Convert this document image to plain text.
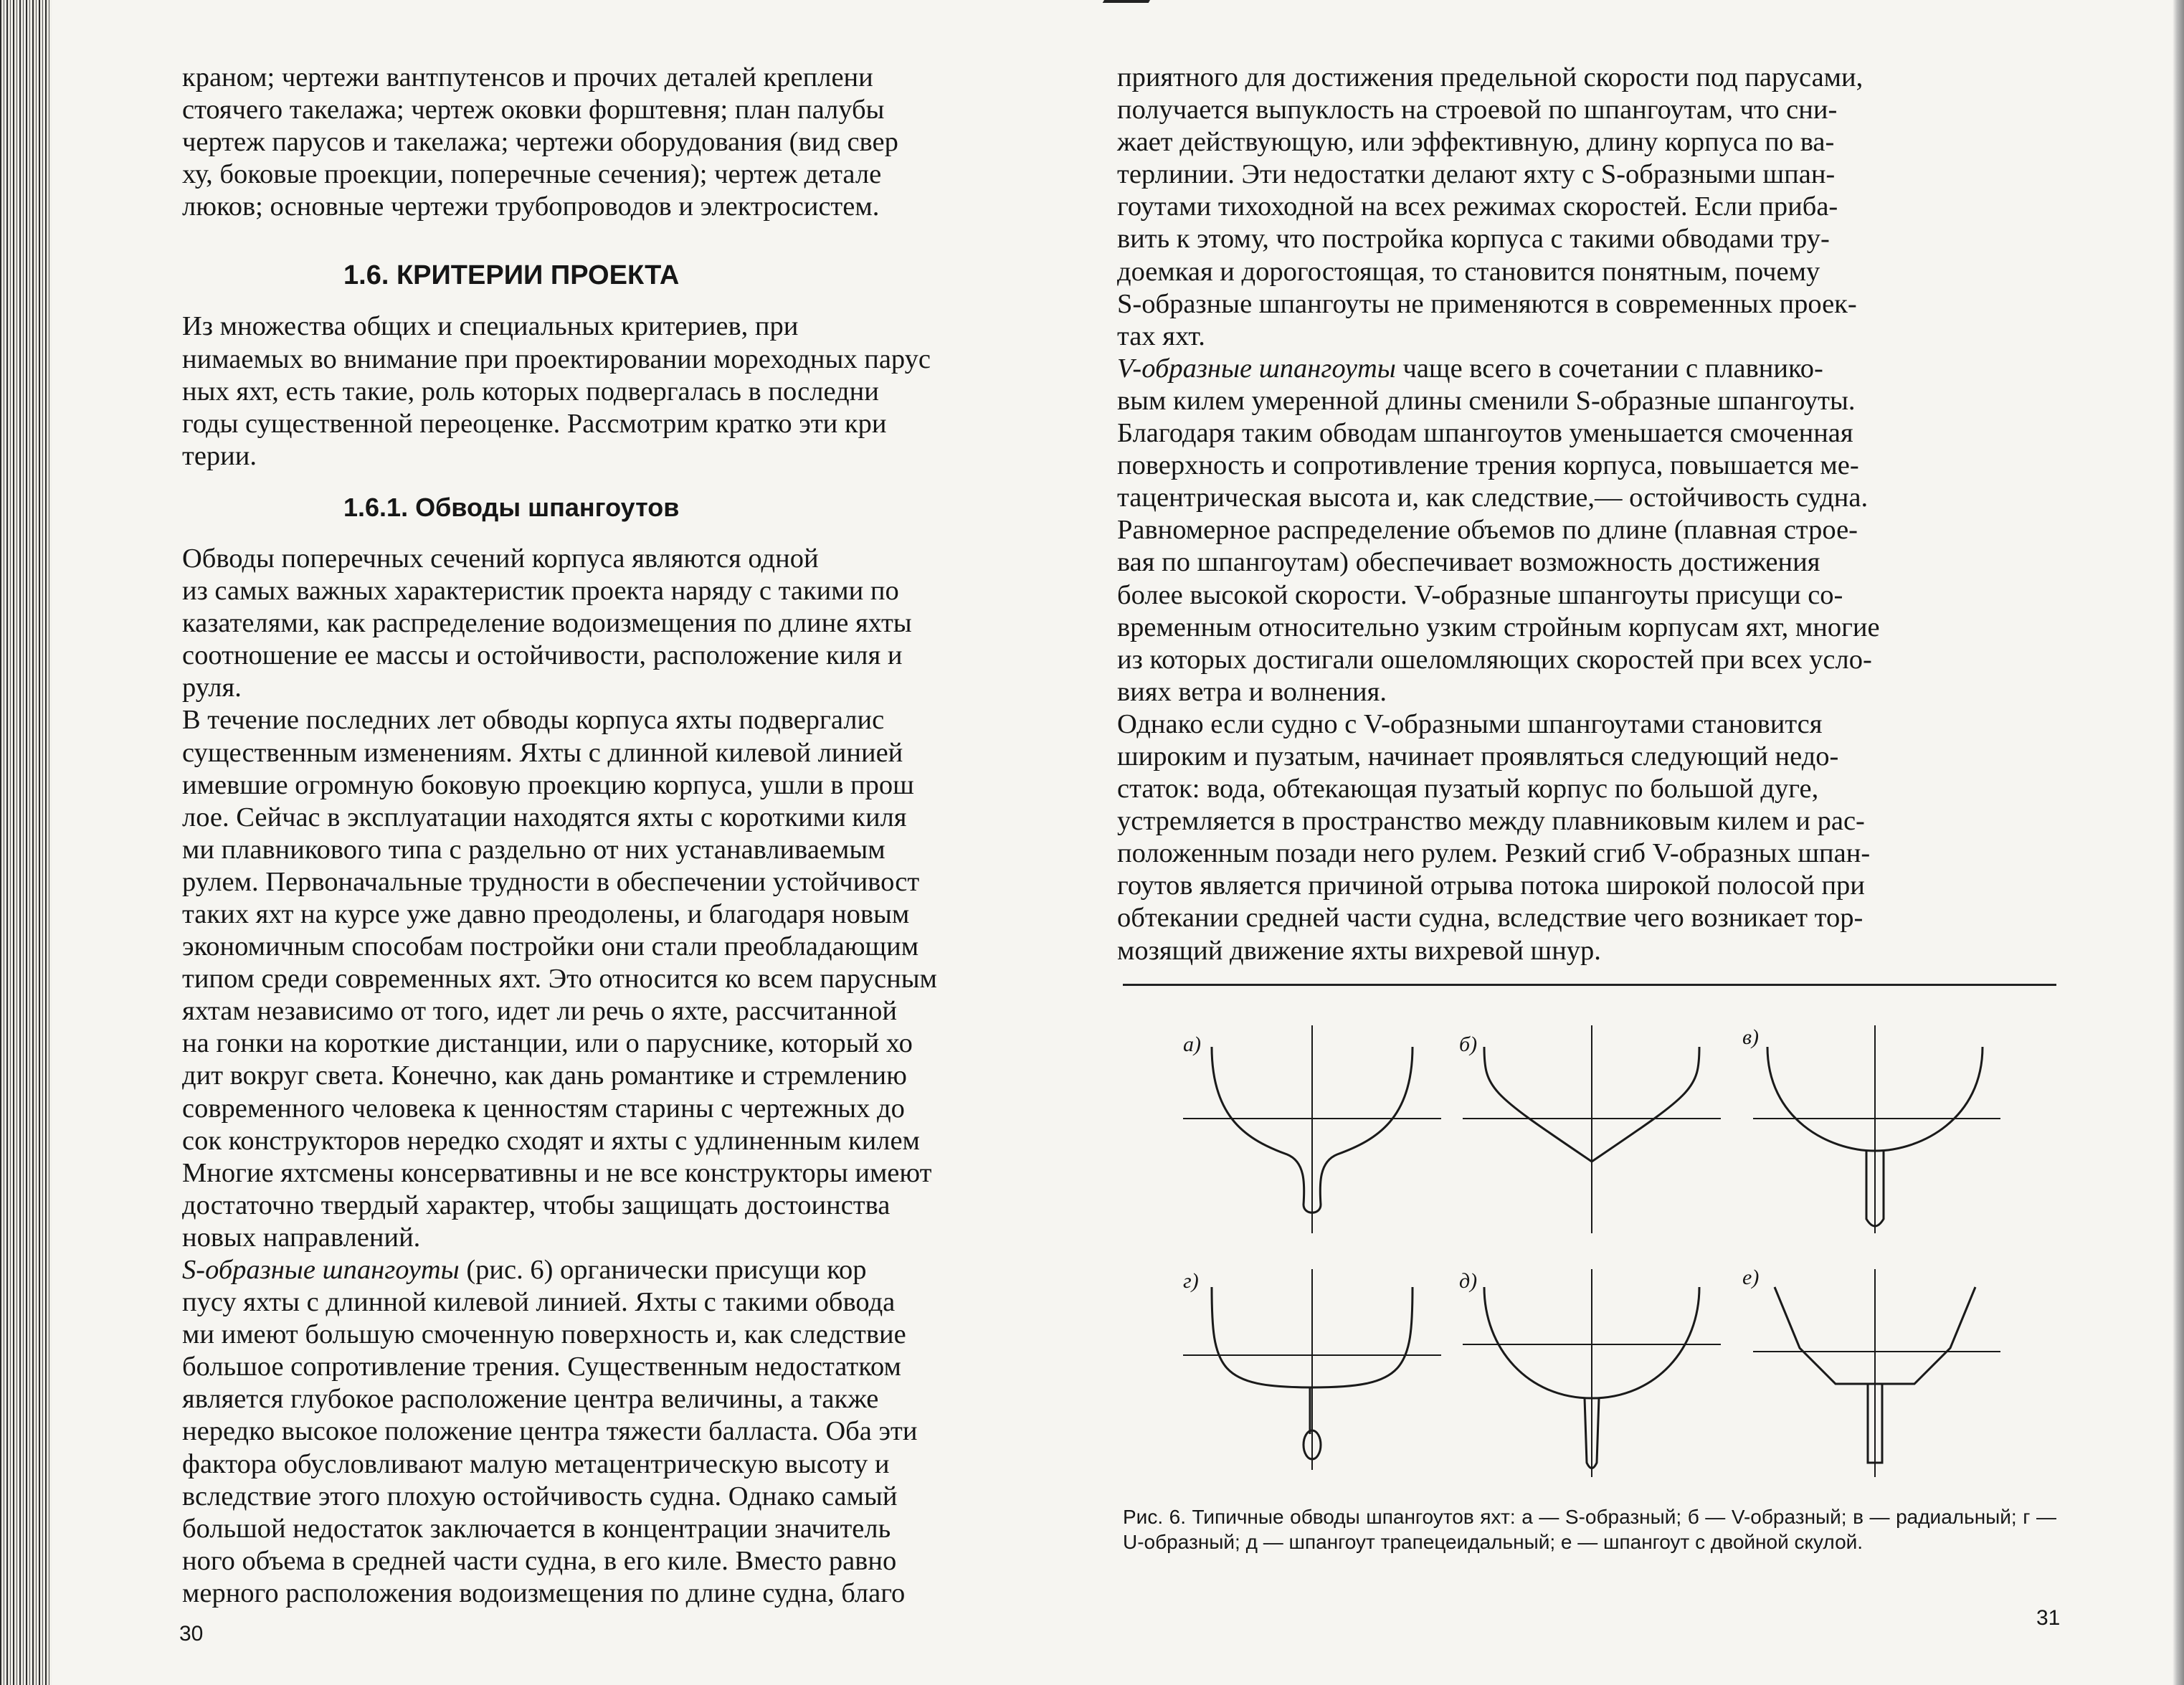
краном; чертежи вантпутенсов и прочих деталей креплени
стоячего такелажа; чертеж оковки форштевня; план палубы
чертеж парусов и такелажа; чертежи оборудования (вид свер
ху, боковые проекции, поперечные сечения); чертеж детале
люков; основные чертежи трубопроводов и электросистем.

1.6. КРИТЕРИИ ПРОЕКТА

Из множества общих и специальных критериев, при
нимаемых во внимание при проектировании мореходных парус
ных яхт, есть такие, роль которых подвергалась в последни
годы существенной переоценке. Рассмотрим кратко эти кри
терии.

1.6.1. Обводы шпангоутов

Обводы поперечных сечений корпуса являются одной
из самых важных характеристик проекта наряду с такими по
казателями, как распределение водоизмещения по длине яхты
соотношение ее массы и остойчивости, расположение киля и
руля.

В течение последних лет обводы корпуса яхты подвергалис
существенным изменениям. Яхты с длинной килевой линией
имевшие огромную боковую проекцию корпуса, ушли в прош
лое. Сейчас в эксплуатации находятся яхты с короткими киля
ми плавникового типа с раздельно от них устанавливаемым
рулем. Первоначальные трудности в обеспечении устойчивост
таких яхт на курсе уже давно преодолены, и благодаря новым
экономичным способам постройки они стали преобладающим
типом среди современных яхт. Это относится ко всем парусным
яхтам независимо от того, идет ли речь о яхте, рассчитанной
на гонки на короткие дистанции, или о паруснике, который хо
дит вокруг света. Конечно, как дань романтике и стремлению
современного человека к ценностям старины с чертежных до
сок конструкторов нередко сходят и яхты с удлиненным килем
Многие яхтсмены консервативны и не все конструкторы имеют
достаточно твердый характер, чтобы защищать достоинства
новых направлений.

S-образные шпангоуты (рис. 6) органически присущи кор
пусу яхты с длинной килевой линией. Яхты с такими обвода
ми имеют большую смоченную поверхность и, как следствие
большое сопротивление трения. Существенным недостатком
является глубокое расположение центра величины, а также
нередко высокое положение центра тяжести балласта. Оба эти
фактора обусловливают малую метацентрическую высоту и
вследствие этого плохую остойчивость судна. Однако самый
большой недостаток заключается в концентрации значитель
ного объема в средней части судна, в его киле. Вместо равно
мерного расположения водоизмещения по длине судна, благо

30

приятного для достижения предельной скорости под парусами,
получается выпуклость на строевой по шпангоутам, что сни-
жает действующую, или эффективную, длину корпуса по ва-
терлинии. Эти недостатки делают яхту с S-образными шпан-
гоутами тихоходной на всех режимах скоростей. Если приба-
вить к этому, что постройка корпуса с такими обводами тру-
доемкая и дорогостоящая, то становится понятным, почему
S-образные шпангоуты не применяются в современных проек-
тах яхт.

V-образные шпангоуты чаще всего в сочетании с плавнико-
вым килем умеренной длины сменили S-образные шпангоуты.
Благодаря таким обводам шпангоутов уменьшается смоченная
поверхность и сопротивление трения корпуса, повышается ме-
тацентрическая высота и, как следствие,— остойчивость судна.
Равномерное распределение объемов по длине (плавная строе-
вая по шпангоутам) обеспечивает возможность достижения
более высокой скорости. V-образные шпангоуты присущи со-
временным относительно узким стройным корпусам яхт, многие
из которых достигали ошеломляющих скоростей при всех усло-
виях ветра и волнения.

Однако если судно с V-образными шпангоутами становится
широким и пузатым, начинает проявляться следующий недо-
статок: вода, обтекающая пузатый корпус по большой дуге,
устремляется в пространство между плавниковым килем и рас-
положенным позади него рулем. Резкий сгиб V-образных шпан-
гоутов является причиной отрыва потока широкой полосой при
обтекании средней части судна, вследствие чего возникает тор-
мозящий движение яхты вихревой шнур.

а)	б)	в)
г)	д)	е)
Рис. 6. Типичные обводы шпангоутов яхт: а — S-образный; б — V-образный; в — радиальный; г — U-образный; д — шпангоут трапецеидальный; е — шпангоут с двойной скулой.
31
